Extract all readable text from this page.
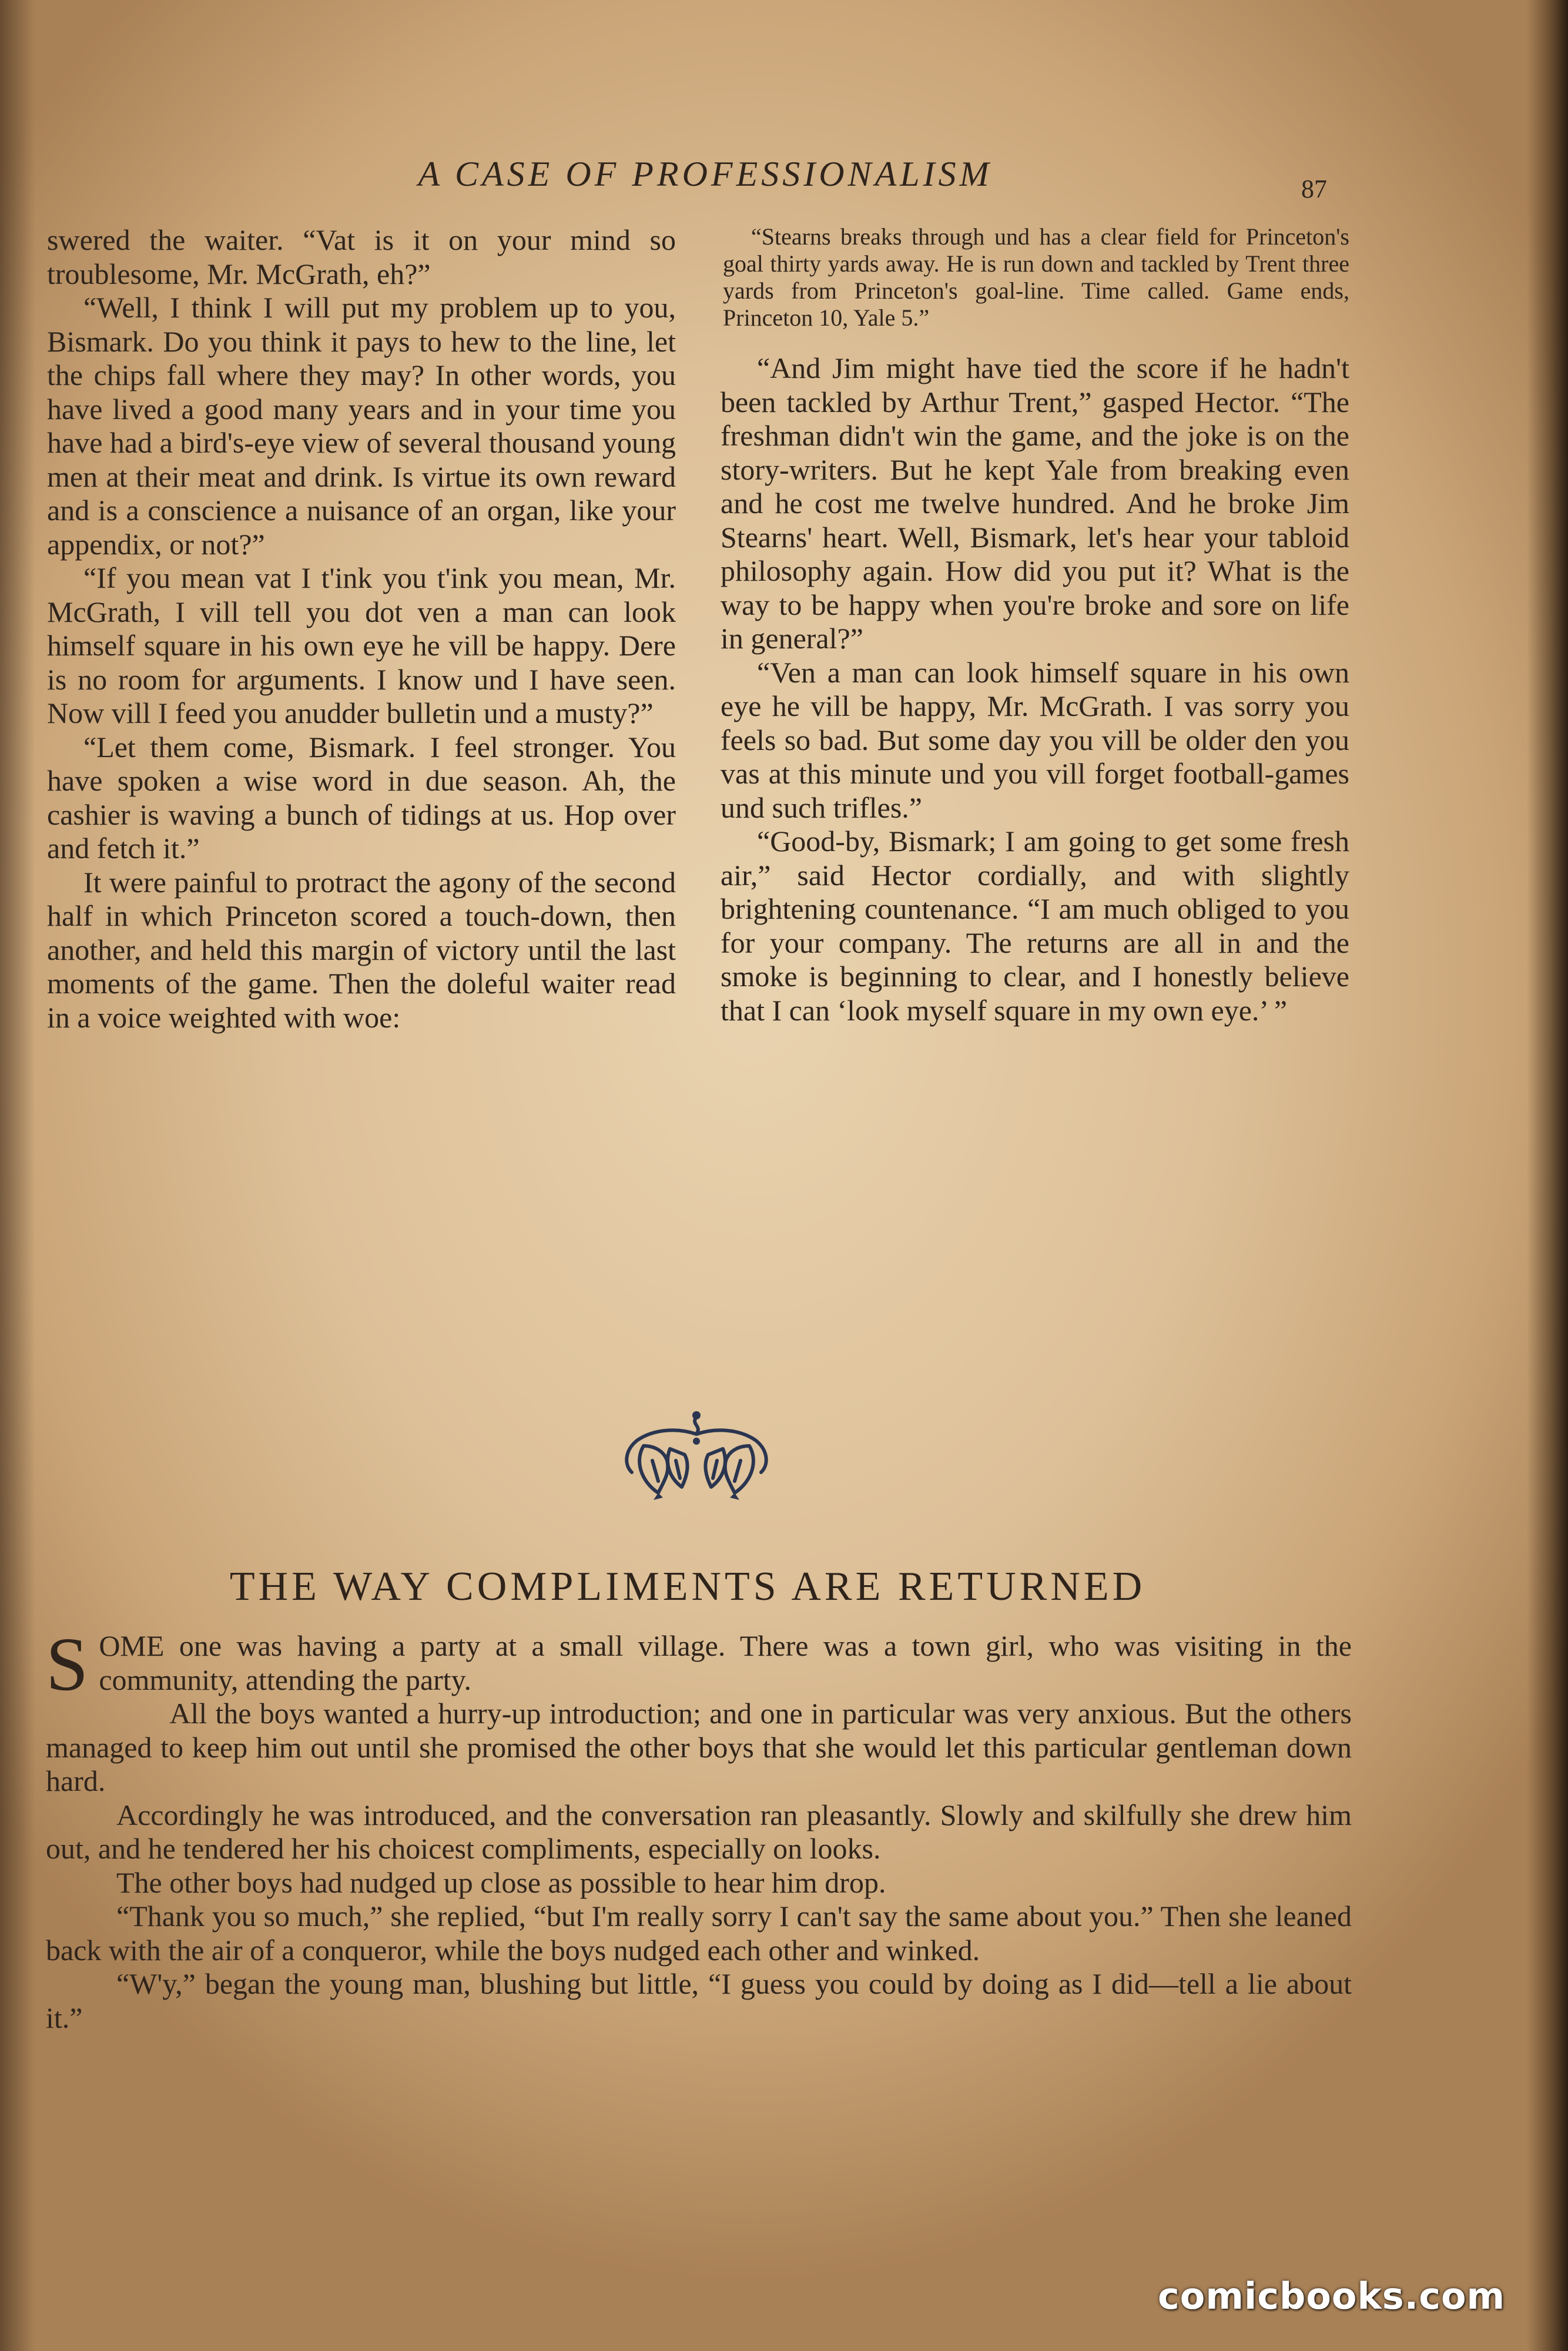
A CASE OF PROFESSIONALISM	87

swered the waiter. “Vat is it on your mind so troublesome, Mr. McGrath, eh?”

“Well, I think I will put my problem up to you, Bismark. Do you think it pays to hew to the line, let the chips fall where they may? In other words, you have lived a good many years and in your time you have had a bird's-eye view of several thousand young men at their meat and drink. Is virtue its own reward and is a conscience a nuisance of an organ, like your appendix, or not?”

“If you mean vat I t'ink you t'ink you mean, Mr. McGrath, I vill tell you dot ven a man can look himself square in his own eye he vill be happy. Dere is no room for arguments. I know und I have seen. Now vill I feed you anudder bulletin und a musty?”

“Let them come, Bismark. I feel stronger. You have spoken a wise word in due season. Ah, the cashier is waving a bunch of tidings at us. Hop over and fetch it.”

It were painful to protract the agony of the second half in which Princeton scored a touch-down, then another, and held this margin of victory until the last moments of the game. Then the doleful waiter read in a voice weighted with woe:

“Stearns breaks through und has a clear field for Princeton's goal thirty yards away. He is run down and tackled by Trent three yards from Princeton's goal-line. Time called. Game ends, Princeton 10, Yale 5.”

“And Jim might have tied the score if he hadn't been tackled by Arthur Trent,” gasped Hector. “The freshman didn't win the game, and the joke is on the story-writers. But he kept Yale from breaking even and he cost me twelve hundred. And he broke Jim Stearns' heart. Well, Bismark, let's hear your tabloid philosophy again. How did you put it? What is the way to be happy when you're broke and sore on life in general?”

“Ven a man can look himself square in his own eye he vill be happy, Mr. McGrath. I vas sorry you feels so bad. But some day you vill be older den you vas at this minute und you vill forget football-games und such trifles.”

“Good-by, Bismark; I am going to get some fresh air,” said Hector cordially, and with slightly brightening countenance. “I am much obliged to you for your company. The returns are all in and the smoke is beginning to clear, and I honestly believe that I can ‘look myself square in my own eye.’ ”

THE WAY COMPLIMENTS ARE RETURNED

SOME one was having a party at a small village. There was a town girl, who was visiting in the community, attending the party.

All the boys wanted a hurry-up introduction; and one in particular was very anxious. But the others managed to keep him out until she promised the other boys that she would let this particular gentleman down hard.

Accordingly he was introduced, and the conversation ran pleasantly. Slowly and skilfully she drew him out, and he tendered her his choicest compliments, especially on looks.

The other boys had nudged up close as possible to hear him drop.

“Thank you so much,” she replied, “but I'm really sorry I can't say the same about you.” Then she leaned back with the air of a conqueror, while the boys nudged each other and winked.

“W'y,” began the young man, blushing but little, “I guess you could by doing as I did—tell a lie about it.”

comicbooks.com
